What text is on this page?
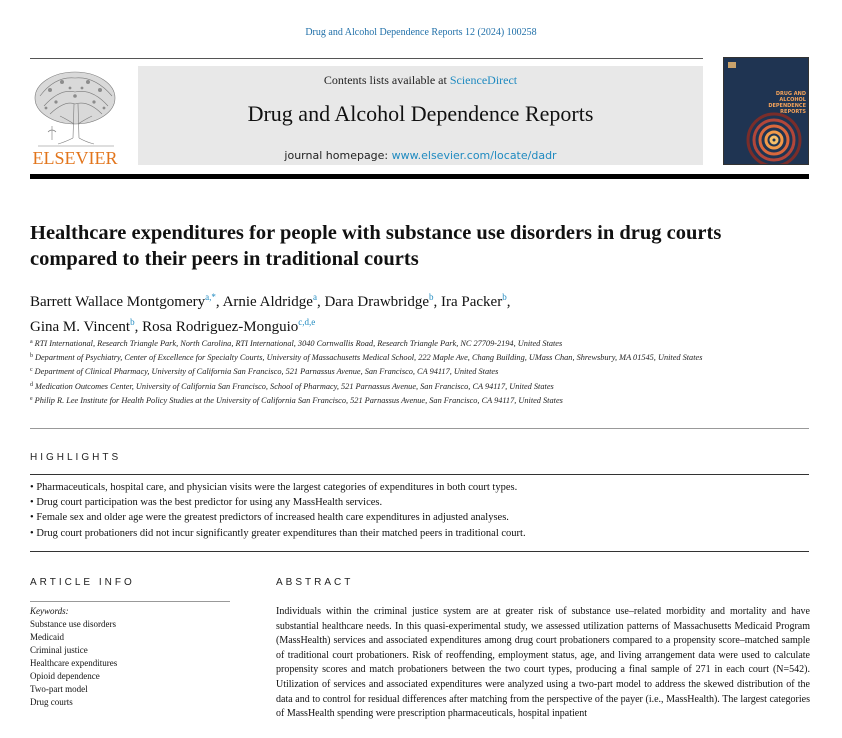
Drug and Alcohol Dependence Reports 12 (2024) 100258
ELSEVIER
Contents lists available at ScienceDirect
Drug and Alcohol Dependence Reports
journal homepage: www.elsevier.com/locate/dadr
DRUG AND ALCOHOL DEPENDENCE REPORTS
Healthcare expenditures for people with substance use disorders in drug courts compared to their peers in traditional courts
Barrett Wallace Montgomery$^{a,*}$, Arnie Aldridge$^a$, Dara Drawbridge$^b$, Ira Packer$^b$,
Gina M. Vincent$^b$, Rosa Rodriguez-Monguio$^{c,d,e}$
$^a$ RTI International, Research Triangle Park, North Carolina, RTI International, 3040 Cornwallis Road, Research Triangle Park, NC 27709-2194, United States
$^b$ Department of Psychiatry, Center of Excellence for Specialty Courts, University of Massachusetts Medical School, 222 Maple Ave, Chang Building, UMass Chan, Shrewsbury, MA 01545, United States
$^c$ Department of Clinical Pharmacy, University of California San Francisco, 521 Parnassus Avenue, San Francisco, CA 94117, United States
$^d$ Medication Outcomes Center, University of California San Francisco, School of Pharmacy, 521 Parnassus Avenue, San Francisco, CA 94117, United States
$^e$ Philip R. Lee Institute for Health Policy Studies at the University of California San Francisco, 521 Parnassus Avenue, San Francisco, CA 94117, United States
HIGHLIGHTS
• Pharmaceuticals, hospital care, and physician visits were the largest categories of expenditures in both court types.
• Drug court participation was the best predictor for using any MassHealth services.
• Female sex and older age were the greatest predictors of increased health care expenditures in adjusted analyses.
• Drug court probationers did not incur significantly greater expenditures than their matched peers in traditional court.
ARTICLE INFO
Keywords:
Substance use disorders
Medicaid
Criminal justice
Healthcare expenditures
Opioid dependence
Two-part model
Drug courts
ABSTRACT
Individuals within the criminal justice system are at greater risk of substance use–related morbidity and mortality and have substantial healthcare needs. In this quasi-experimental study, we assessed utilization patterns of Massachusetts Medicaid Program (MassHealth) services and associated expenditures among drug court probationers compared to a propensity score–matched sample of traditional court probationers. Risk of reoffending, employment status, age, and living arrangement data were used to calculate propensity scores and match probationers between the two court types, producing a final sample of 271 in each court (N=542). Utilization of services and associated expenditures were analyzed using a two-part model to address the skewed distribution of the data and to control for residual differences after matching from the perspective of the payer (i.e., MassHealth). The largest categories of MassHealth spending were prescription pharmaceuticals, hospital inpatient
